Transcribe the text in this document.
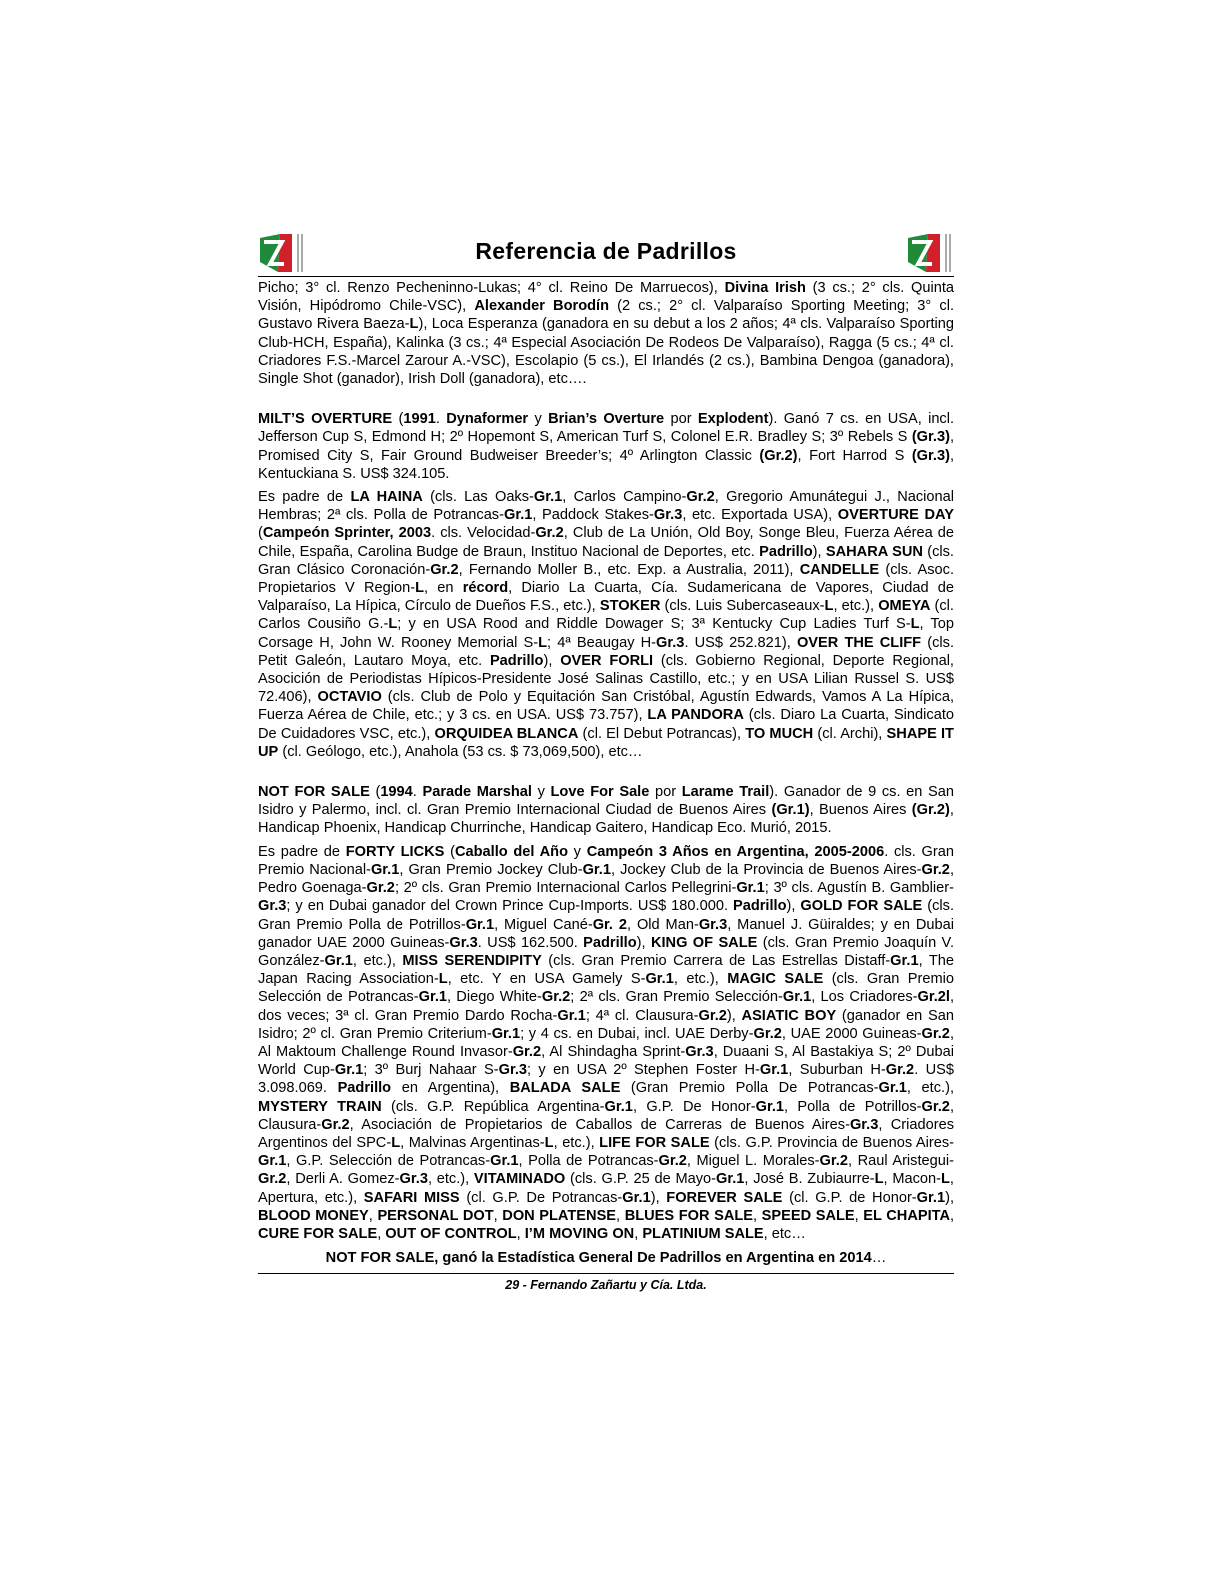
Referencia de Padrillos

Picho; 3° cl. Renzo Pecheninno-Lukas; 4° cl. Reino De Marruecos), Divina Irish (3 cs.; 2° cls. Quinta Visión, Hipódromo Chile-VSC), Alexander Borodín (2 cs.; 2° cl. Valparaíso Sporting Meeting; 3° cl. Gustavo Rivera Baeza-L), Loca Esperanza (ganadora en su debut a los 2 años; 4ª cls. Valparaíso Sporting Club-HCH, España), Kalinka (3 cs.; 4ª Especial Asociación De Rodeos De Valparaíso), Ragga (5 cs.; 4ª cl. Criadores F.S.-Marcel Zarour A.-VSC), Escolapio (5 cs.), El Irlandés (2 cs.), Bambina Dengoa (ganadora), Single Shot (ganador), Irish Doll (ganadora), etc….

MILT’S OVERTURE (1991. Dynaformer y Brian’s Overture por Explodent). Ganó 7 cs. en USA, incl. Jefferson Cup S, Edmond H; 2º Hopemont S, American Turf S, Colonel E.R. Bradley S; 3º Rebels S (Gr.3), Promised City S, Fair Ground Budweiser Breeder’s; 4º Arlington Classic (Gr.2), Fort Harrod S (Gr.3), Kentuckiana S. US$ 324.105.

Es padre de LA HAINA (cls. Las Oaks-Gr.1, Carlos Campino-Gr.2, Gregorio Amunátegui J., Nacional Hembras; 2ª cls. Polla de Potrancas-Gr.1, Paddock Stakes-Gr.3, etc. Exportada USA), OVERTURE DAY (Campeón Sprinter, 2003. cls. Velocidad-Gr.2, Club de La Unión, Old Boy, Songe Bleu, Fuerza Aérea de Chile, España, Carolina Budge de Braun, Instituo Nacional de Deportes, etc. Padrillo), SAHARA SUN (cls. Gran Clásico Coronación-Gr.2, Fernando Moller B., etc. Exp. a Australia, 2011), CANDELLE (cls. Asoc. Propietarios V Region-L, en récord, Diario La Cuarta, Cía. Sudamericana de Vapores, Ciudad de Valparaíso, La Hípica, Círculo de Dueños F.S., etc.), STOKER (cls. Luis Subercaseaux-L, etc.), OMEYA (cl. Carlos Cousiño G.-L; y en USA Rood and Riddle Dowager S; 3ª Kentucky Cup Ladies Turf S-L, Top Corsage H, John W. Rooney Memorial S-L; 4ª Beaugay H-Gr.3. US$ 252.821), OVER THE CLIFF (cls. Petit Galeón, Lautaro Moya, etc. Padrillo), OVER FORLI (cls. Gobierno Regional, Deporte Regional, Asocición de Periodistas Hípicos-Presidente José Salinas Castillo, etc.; y en USA Lilian Russel S. US$ 72.406), OCTAVIO (cls. Club de Polo y Equitación San Cristóbal, Agustín Edwards, Vamos A La Hípica, Fuerza Aérea de Chile, etc.; y 3 cs. en USA. US$ 73.757), LA PANDORA (cls. Diaro La Cuarta, Sindicato De Cuidadores VSC, etc.), ORQUIDEA BLANCA (cl. El Debut Potrancas), TO MUCH (cl. Archi), SHAPE IT UP (cl. Geólogo, etc.), Anahola (53 cs. $ 73,069,500), etc…

NOT FOR SALE (1994. Parade Marshal y Love For Sale por Larame Trail). Ganador de 9 cs. en San Isidro y Palermo, incl. cl. Gran Premio Internacional Ciudad de Buenos Aires (Gr.1), Buenos Aires (Gr.2), Handicap Phoenix, Handicap Churrinche, Handicap Gaitero, Handicap Eco. Murió, 2015.

Es padre de FORTY LICKS (Caballo del Año y Campeón 3 Años en Argentina, 2005-2006. cls. Gran Premio Nacional-Gr.1, Gran Premio Jockey Club-Gr.1, Jockey Club de la Provincia de Buenos Aires-Gr.2, Pedro Goenaga-Gr.2; 2º cls. Gran Premio Internacional Carlos Pellegrini-Gr.1; 3º cls. Agustín B. Gamblier-Gr.3; y en Dubai ganador del Crown Prince Cup-Imports. US$ 180.000. Padrillo), GOLD FOR SALE (cls. Gran Premio Polla de Potrillos-Gr.1, Miguel Cané-Gr. 2, Old Man-Gr.3, Manuel J. Güiraldes; y en Dubai ganador UAE 2000 Guineas-Gr.3. US$ 162.500. Padrillo), KING OF SALE (cls. Gran Premio Joaquín V. González-Gr.1, etc.), MISS SERENDIPITY (cls. Gran Premio Carrera de Las Estrellas Distaff-Gr.1, The Japan Racing Association-L, etc. Y en USA Gamely S-Gr.1, etc.), MAGIC SALE (cls. Gran Premio Selección de Potrancas-Gr.1, Diego White-Gr.2; 2ª cls. Gran Premio Selección-Gr.1, Los Criadores-Gr.2l, dos veces; 3ª cl. Gran Premio Dardo Rocha-Gr.1; 4ª cl. Clausura-Gr.2), ASIATIC BOY (ganador en San Isidro; 2º cl. Gran Premio Criterium-Gr.1; y 4 cs. en Dubai, incl. UAE Derby-Gr.2, UAE 2000 Guineas-Gr.2, Al Maktoum Challenge Round Invasor-Gr.2, Al Shindagha Sprint-Gr.3, Duaani S, Al Bastakiya S; 2º Dubai World Cup-Gr.1; 3º Burj Nahaar S-Gr.3; y en USA 2º Stephen Foster H-Gr.1, Suburban H-Gr.2. US$ 3.098.069. Padrillo en Argentina), BALADA SALE (Gran Premio Polla De Potrancas-Gr.1, etc.), MYSTERY TRAIN (cls. G.P. República Argentina-Gr.1, G.P. De Honor-Gr.1, Polla de Potrillos-Gr.2, Clausura-Gr.2, Asociación de Propietarios de Caballos de Carreras de Buenos Aires-Gr.3, Criadores Argentinos del SPC-L, Malvinas Argentinas-L, etc.), LIFE FOR SALE (cls. G.P. Provincia de Buenos Aires-Gr.1, G.P. Selección de Potrancas-Gr.1, Polla de Potrancas-Gr.2, Miguel L. Morales-Gr.2, Raul Aristegui-Gr.2, Derli A. Gomez-Gr.3, etc.), VITAMINADO (cls. G.P. 25 de Mayo-Gr.1, José B. Zubiaurre-L, Macon-L, Apertura, etc.), SAFARI MISS (cl. G.P. De Potrancas-Gr.1), FOREVER SALE (cl. G.P. de Honor-Gr.1), BLOOD MONEY, PERSONAL DOT, DON PLATENSE, BLUES FOR SALE, SPEED SALE, EL CHAPITA, CURE FOR SALE, OUT OF CONTROL, I’M MOVING ON, PLATINIUM SALE, etc…

NOT FOR SALE, ganó la Estadística General De Padrillos en Argentina en 2014…
29 - Fernando Zañartu y Cía. Ltda.
